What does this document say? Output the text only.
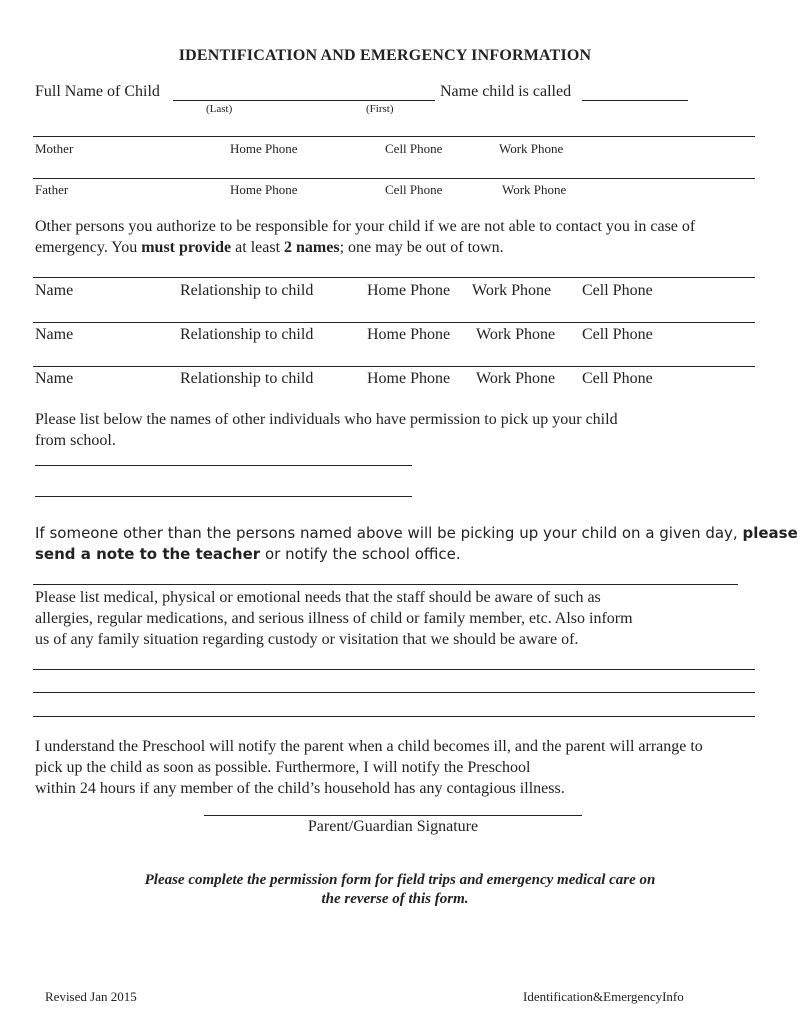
IDENTIFICATION AND EMERGENCY INFORMATION
Full Name of Child	Name child is called
(Last)	(First)
Mother	Home Phone	Cell Phone	Work Phone
Father	Home Phone	Cell Phone	Work Phone
Other persons you authorize to be responsible for your child if we are not able to contact you in case of
emergency. You must provide at least 2 names; one may be out of town.
Name	Relationship to child	Home Phone Work Phone Cell Phone
Name	Relationship to child	Home Phone Work Phone Cell Phone
Name	Relationship to child	Home Phone Work Phone Cell Phone
Please list below the names of other individuals who have permission to pick up your child
from school.
If someone other than the persons named above will be picking up your child on a given day, please
send a note to the teacher or notify the school office.
Please list medical, physical or emotional needs that the staff should be aware of such as
allergies, regular medications, and serious illness of child or family member, etc. Also inform
us of any family situation regarding custody or visitation that we should be aware of.
I understand the Preschool will notify the parent when a child becomes ill, and the parent will arrange to
pick up the child as soon as possible. Furthermore, I will notify the Preschool
within 24 hours if any member of the child’s household has any contagious illness.
Parent/Guardian Signature
Please complete the permission form for field trips and emergency medical care on
the reverse of this form.
Revised Jan 2015	Identification&EmergencyInfo
